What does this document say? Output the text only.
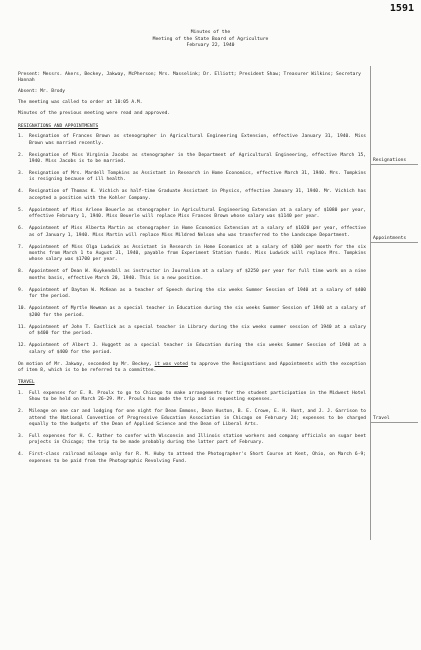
1591
Minutes of the
Meeting of the State Board of Agriculture
February 22, 1940
Resignations
Appointments
Travel
Present: Messrs. Akers, Beckey, Jakway, McPherson; Mrs. Masselink; Dr. Elliott; President Shaw; Treasurer Wilkins; Secretary Hannah
Absent: Mr. Brody
The meeting was called to order at 10:05 A.M.
Minutes of the previous meeting were read and approved.
RESIGNATIONS AND APPOINTMENTS
1.	Resignation of Frances Brown as stenographer in Agricultural Engineering Extension, effective January 31, 1940. Miss Brown was married recently.
2.	Resignation of Miss Virginia Jacobs as stenographer in the Department of Agricultural Engineering, effective March 15, 1940. Miss Jacobs is to be married.
3.	Resignation of Mrs. Mardell Tompkins as Assistant in Research in Home Economics, effective March 31, 1940. Mrs. Tompkins is resigning because of ill health.
4.	Resignation of Thomas K. Vichich as half-time Graduate Assistant in Physics, effective January 31, 1940. Mr. Vichich has accepted a position with the Kohler Company.
5.	Appointment of Miss Arlene Beuerle as stenographer in Agricultural Engineering Extension at a salary of $1080 per year, effective February 1, 1940. Miss Beuerle will replace Miss Frances Brown whose salary was $1140 per year.
6.	Appointment of Miss Alberta Martin as stenographer in Home Economics Extension at a salary of $1020 per year, effective as of January 1, 1940. Miss Martin will replace Miss Mildred Nelson who was transferred to the Landscape Department.
7.	Appointment of Miss Olga Ludwick as Assistant in Research in Home Economics at a salary of $100 per month for the six months from March 1 to August 31, 1940, payable from Experiment Station funds. Miss Ludwick will replace Mrs. Tompkins whose salary was $1700 per year.
8.	Appointment of Dean W. Kuykendall as instructor in Journalism at a salary of $2250 per year for full time work on a nine months basis, effective March 20, 1940. This is a new position.
9.	Appointment of Dayton W. McKean as a teacher of Speech during the six weeks Summer Session of 1940 at a salary of $400 for the period.
10. Appointment of Myrtle Newman as a special teacher in Education during the six weeks Summer Session of 1940 at a salary of $200 for the period.
11. Appointment of John T. Eastlick as a special teacher in Library during the six weeks summer session of 1940 at a salary of $400 for the period.
12. Appointment of Albert J. Huggett as a special teacher in Education during the six weeks Summer Session of 1940 at a salary of $400 for the period.
On motion of Mr. Jakway, seconded by Mr. Beckey, it was voted to approve the Resignations and Appointments with the exception of item 8, which is to be referred to a committee.
TRAVEL
1.	Full expenses for E. R. Proulx to go to Chicago to make arrangements for the student participation in the Midwest Hotel Show to be held on March 26-29. Mr. Proulx has made the trip and is requesting expenses.
2.	Mileage on one car and lodging for one night for Dean Emmons, Dean Huston, B. E. Crowe, E. H. Hunt, and J. J. Garrison to attend the National Convention of Progressive Education Association in Chicago on February 24; expenses to be charged equally to the budgets of the Dean of Applied Science and the Dean of Liberal Arts.
3.	Full expenses for H. C. Rather to confer with Wisconsin and Illinois station workers and company officials on sugar beet projects in Chicago; the trip to be made probably during the latter part of February.
4.	First-class railroad mileage only for R. M. Huby to attend the Photographer's Short Course at Kent, Ohio, on March 6-9; expenses to be paid from the Photographic Revolving Fund.
